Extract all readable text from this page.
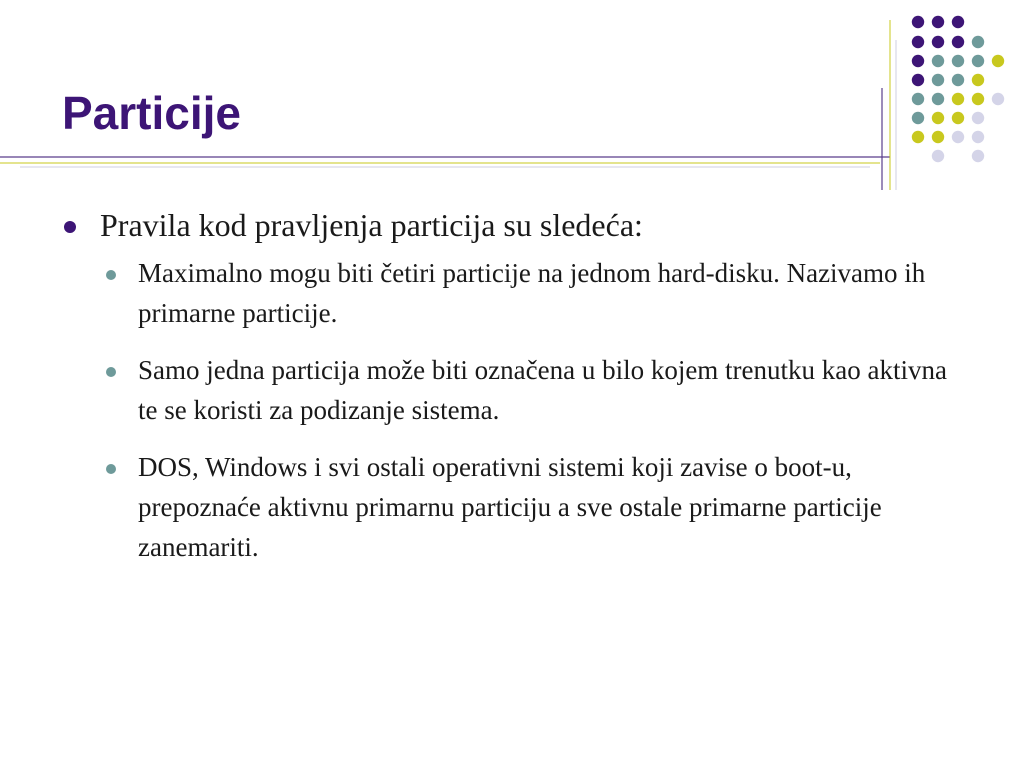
Particije
Pravila kod pravljenja particija su sledeća:
Maximalno mogu biti četiri particije na jednom hard-disku. Nazivamo ih primarne particije.
Samo jedna particija može biti označena u bilo kojem trenutku kao aktivna te se koristi za podizanje sistema.
DOS, Windows i svi ostali operativni sistemi koji zavise o boot-u, prepoznaće aktivnu primarnu particiju a sve ostale primarne particije zanemariti.
